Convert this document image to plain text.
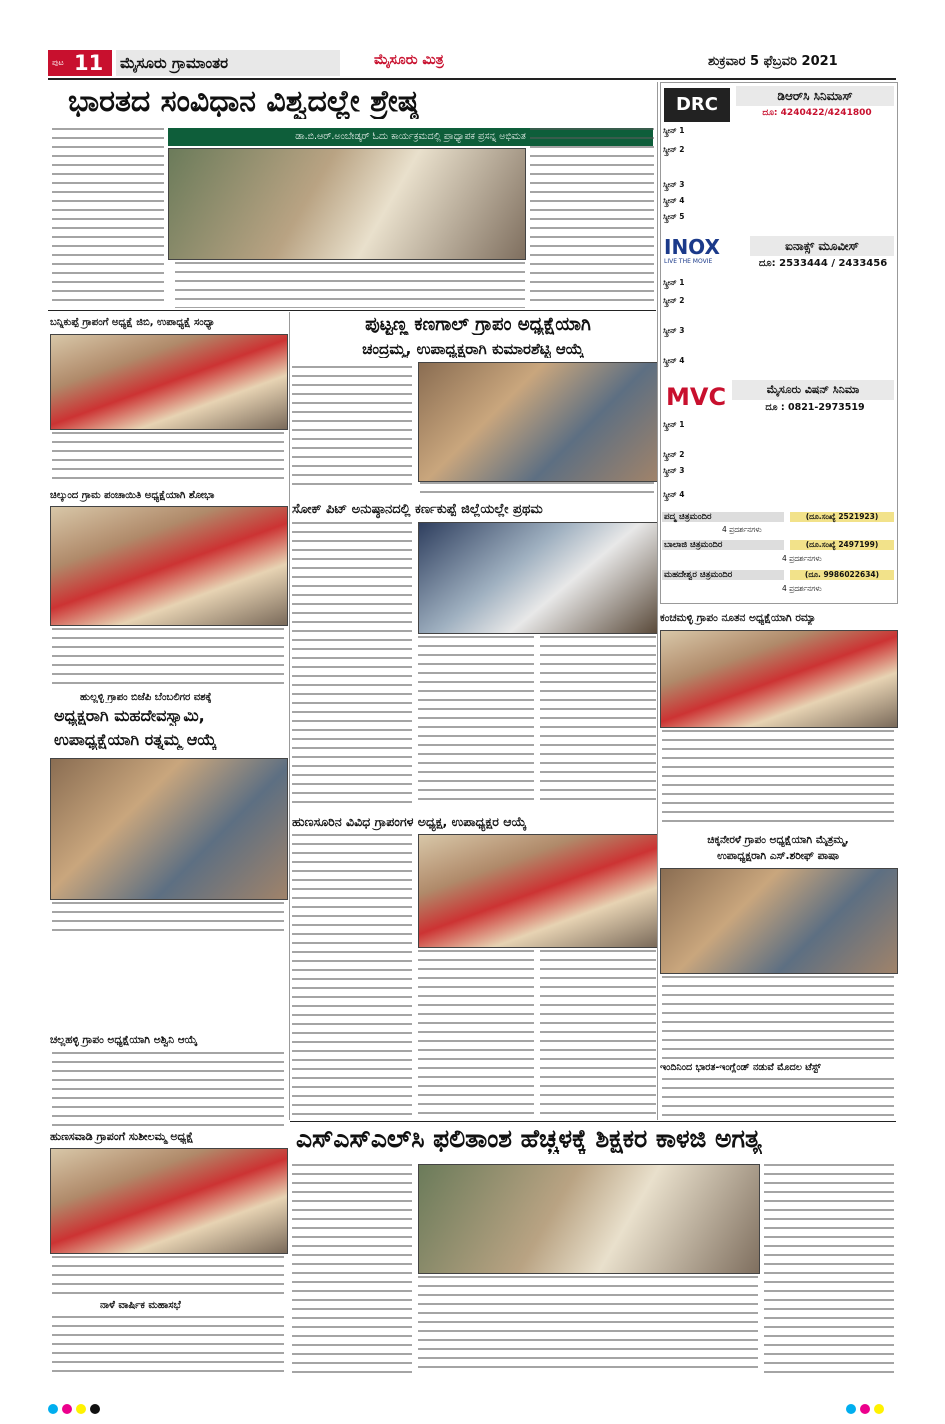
ಪುಟ 11 ಮೈಸೂರು ಗ್ರಾಮಾಂತರ	ಮೈಸೂರು ಮಿತ್ರ	ಶುಕ್ರವಾರ 5 ಫೆಬ್ರವರಿ 2021
ಭಾರತದ ಸಂವಿಧಾನ ವಿಶ್ವದಲ್ಲೇ ಶ್ರೇಷ್ಠ
ಡಾ.ಬಿ.ಆರ್.ಅಂಬೇಡ್ಕರ್ ಓದು ಕಾರ್ಯಕ್ರಮದಲ್ಲಿ ಪ್ರಾಧ್ಯಾಪಕ ಪ್ರಸನ್ನ ಅಭಿಮತ
ಬನ್ನಿಕುಪ್ಪೆ ಗ್ರಾಪಂಗೆ ಅಧ್ಯಕ್ಷೆ ಜಿಬಿ, ಉಪಾಧ್ಯಕ್ಷೆ ಸಂಧ್ಯಾ
ಚಿಲ್ಕುಂದ ಗ್ರಾಮ ಪಂಚಾಯಿತಿ ಅಧ್ಯಕ್ಷೆಯಾಗಿ ಶೋಭಾ
ಹುಲ್ಲಳ್ಳಿ ಗ್ರಾಪಂ ಬಿಜೆಪಿ ಬೆಂಬಲಿಗರ ವಶಕ್ಕೆ
ಅಧ್ಯಕ್ಷರಾಗಿ ಮಹದೇವಸ್ವಾಮಿ,
ಉಪಾಧ್ಯಕ್ಷೆಯಾಗಿ ರತ್ನಮ್ಮ ಆಯ್ಕೆ
ಚಲ್ಲಹಳ್ಳಿ ಗ್ರಾಪಂ ಅಧ್ಯಕ್ಷೆಯಾಗಿ ಅಶ್ವಿನಿ ಆಯ್ಕೆ
ಹುಣಸವಾಡಿ ಗ್ರಾಪಂಗೆ ಸುಶೀಲಮ್ಮ ಅಧ್ಯಕ್ಷೆ
ನಾಳೆ ವಾರ್ಷಿಕ ಮಹಾಸಭೆ
ಪುಟ್ಟಣ್ಣ ಕಣಗಾಲ್ ಗ್ರಾಪಂ ಅಧ್ಯಕ್ಷೆಯಾಗಿ
ಚಂದ್ರಮ್ಮ, ಉಪಾಧ್ಯಕ್ಷರಾಗಿ ಕುಮಾರಶೆಟ್ಟಿ ಆಯ್ಕೆ
ಸೋಕ್ ಪಿಟ್ ಅನುಷ್ಠಾನದಲ್ಲಿ ಕರ್ಣಕುಪ್ಪೆ ಜಿಲ್ಲೆಯಲ್ಲೇ ಪ್ರಥಮ
ಹುಣಸೂರಿನ ವಿವಿಧ ಗ್ರಾಪಂಗಳ ಅಧ್ಯಕ್ಷ, ಉಪಾಧ್ಯಕ್ಷರ ಆಯ್ಕೆ
ಎಸ್‌ಎಸ್‌ಎಲ್‌ಸಿ ಫಲಿತಾಂಶ ಹೆಚ್ಚಳಕ್ಕೆ ಶಿಕ್ಷಕರ ಕಾಳಜಿ ಅಗತ್ಯ
DRC	ಡಿಆರ್‌ಸಿ ಸಿನಿಮಾಸ್
ದೂ: 4240422/4241800
ಸ್ಕ್ರೀನ್ 1
ಸ್ಕ್ರೀನ್ 2
ಸ್ಕ್ರೀನ್ 3
ಸ್ಕ್ರೀನ್ 4
ಸ್ಕ್ರೀನ್ 5
INOX
LIVE THE MOVIE
ಐನಾಕ್ಸ್ ಮೂವೀಸ್
ದೂ: 2533444 / 2433456
ಸ್ಕ್ರೀನ್ 1
ಸ್ಕ್ರೀನ್ 2
ಸ್ಕ್ರೀನ್ 3
ಸ್ಕ್ರೀನ್ 4
MVC	ಮೈಸೂರು ವಿಷನ್ ಸಿನಿಮಾ
ದೂ : 0821-2973519
ಸ್ಕ್ರೀನ್ 1
ಸ್ಕ್ರೀನ್ 2
ಸ್ಕ್ರೀನ್ 3
ಸ್ಕ್ರೀನ್ 4
ಪದ್ಮ ಚಿತ್ರಮಂದಿರ	(ದೂ.ಸಂಖ್ಯೆ 2521923)
4 ಪ್ರದರ್ಶನಗಳು
ಬಾಲಾಜಿ ಚಿತ್ರಮಂದಿರ	(ದೂ.ಸಂಖ್ಯೆ 2497199)
4 ಪ್ರದರ್ಶನಗಳು
ಮಹದೇಶ್ವರ ಚಿತ್ರಮಂದಿರ	(ದೂ. 9986022634)
4 ಪ್ರದರ್ಶನಗಳು
ಕಂಚಮಳ್ಳಿ ಗ್ರಾಪಂ ನೂತನ ಅಧ್ಯಕ್ಷೆಯಾಗಿ ರಮ್ಯಾ
ಚಿಕ್ಕನೇರಳೆ ಗ್ರಾಪಂ ಅಧ್ಯಕ್ಷೆಯಾಗಿ ಮೈತ್ರಮ್ಮ,
ಉಪಾಧ್ಯಕ್ಷರಾಗಿ ಎಸ್.ಶರೀಫ್ ಪಾಷಾ
ಇಂದಿನಿಂದ ಭಾರತ-ಇಂಗ್ಲೆಂಡ್ ನಡುವೆ ಮೊದಲ ಟೆಸ್ಟ್
